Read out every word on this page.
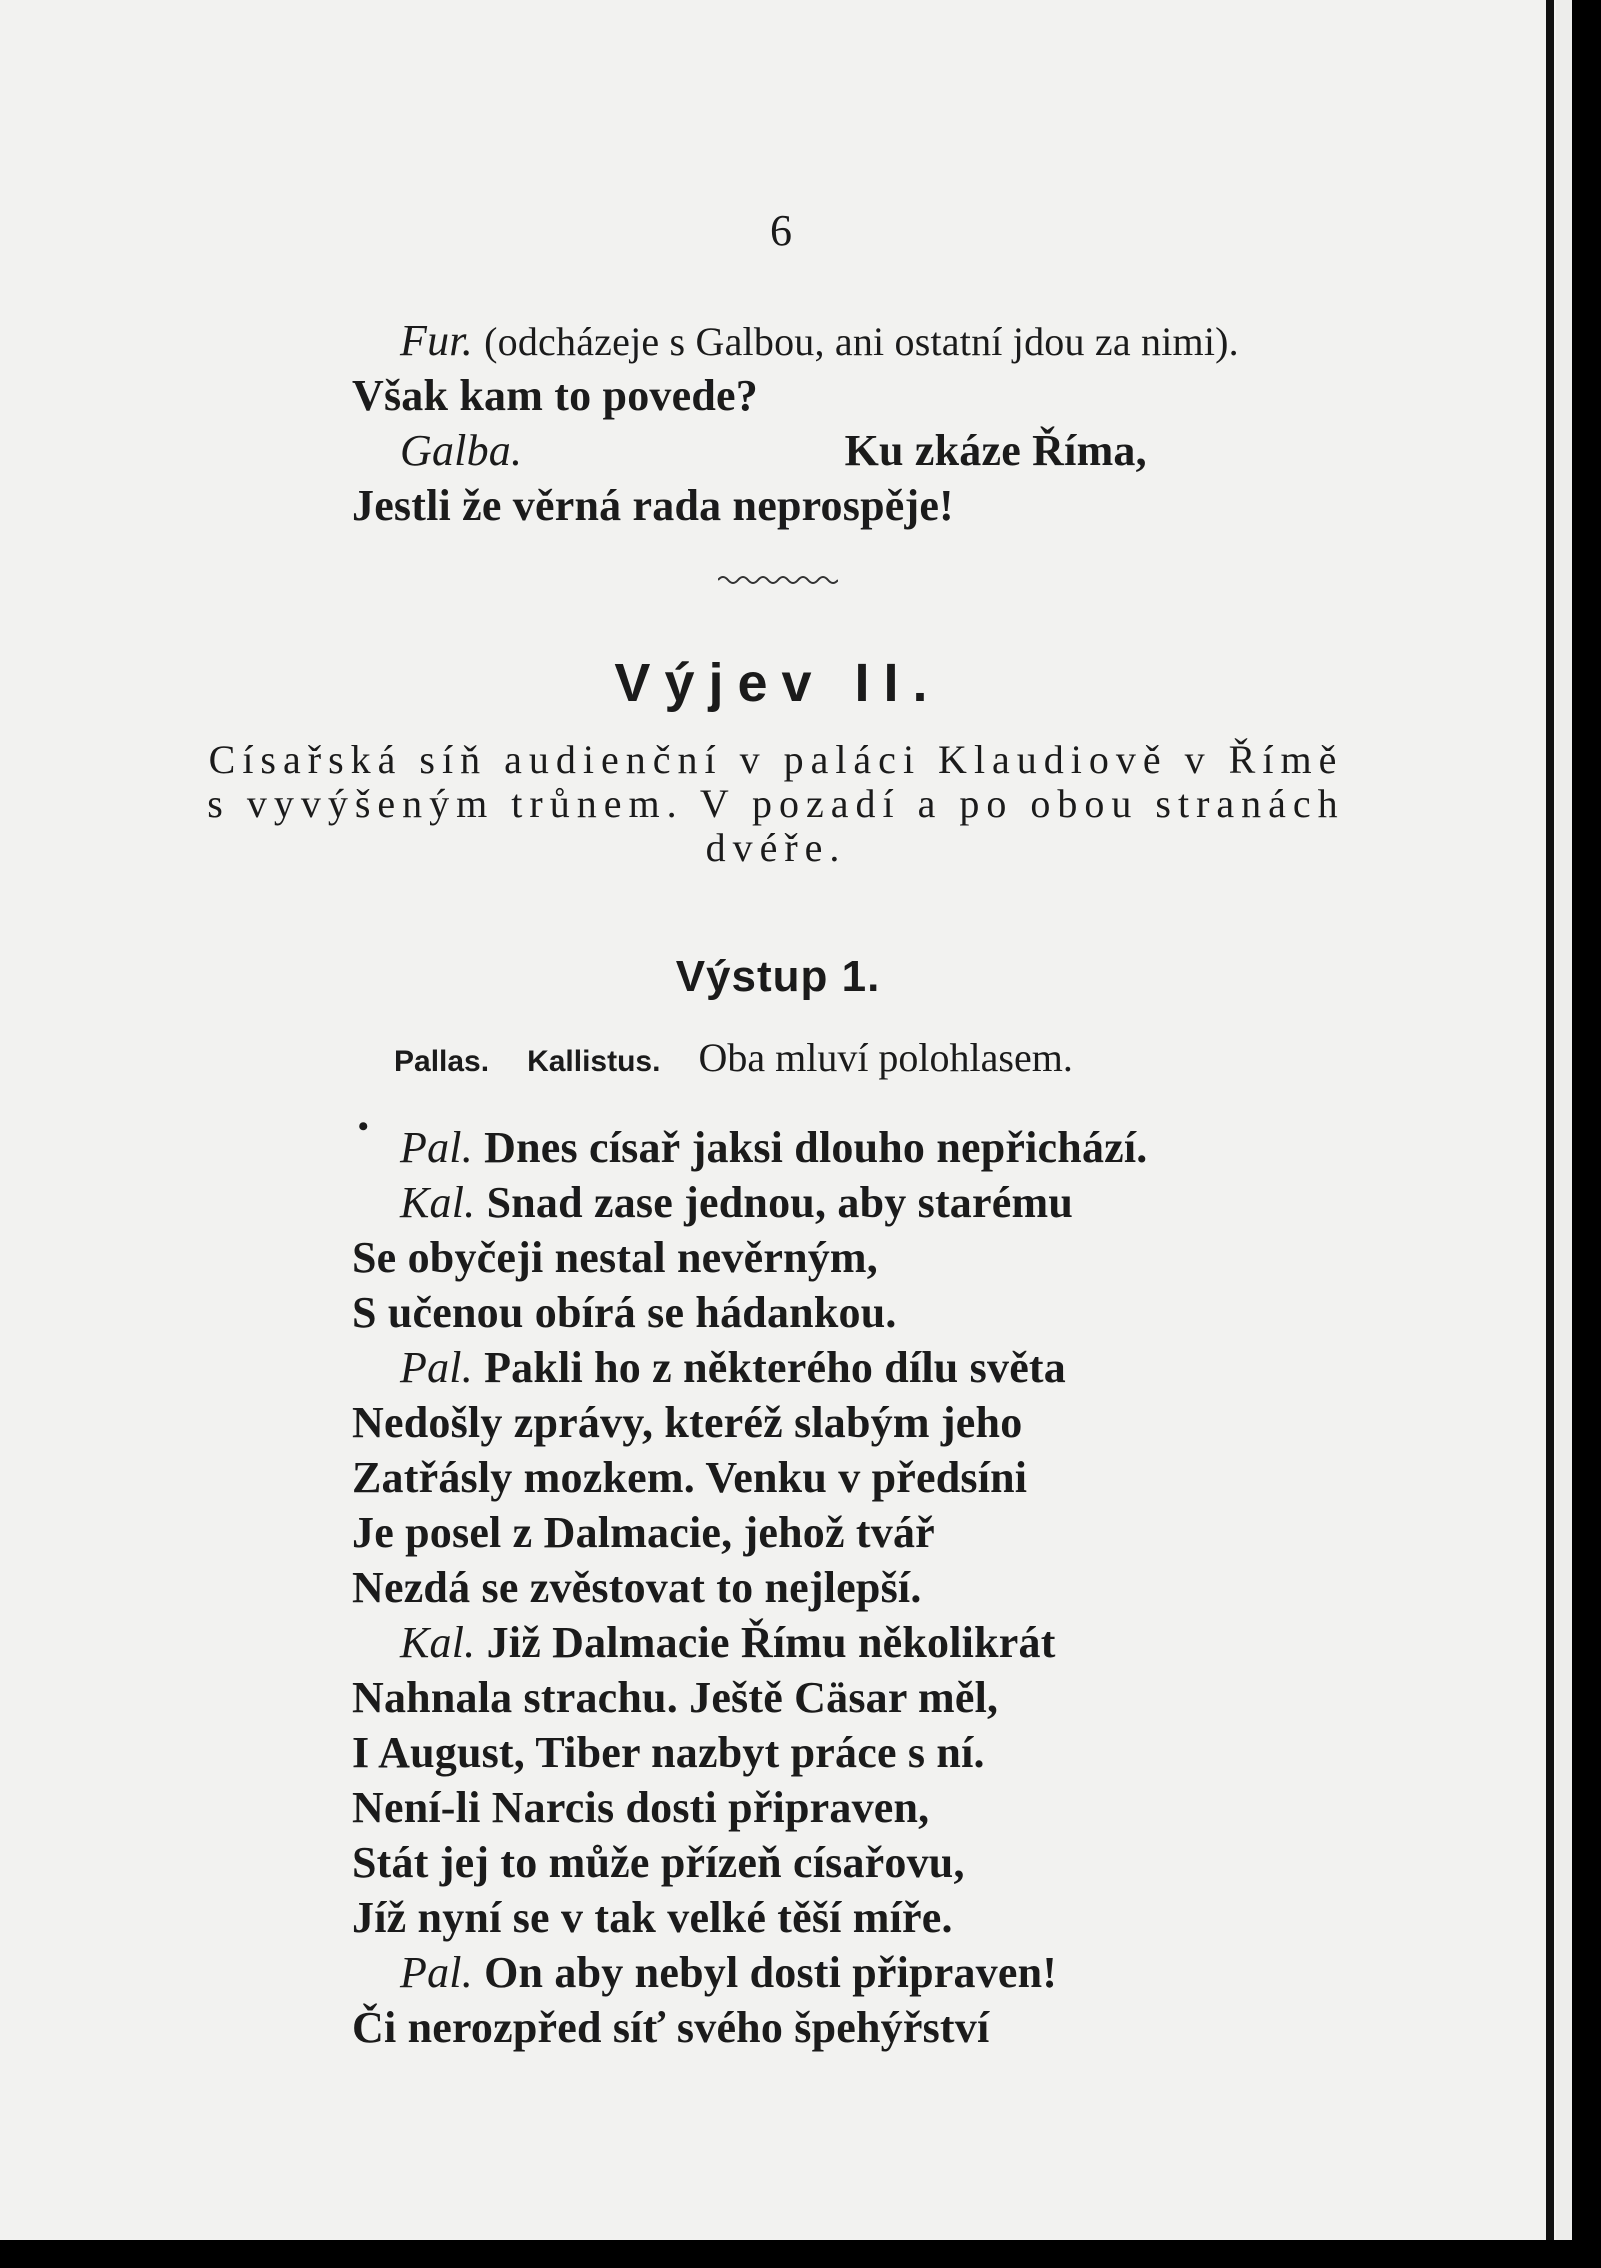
6
Fur. (odcházeje s Galbou, ani ostatní jdou za nimi).
Však kam to povede?
Galba.	Ku zkáze Říma,
Jestli že věrná rada neprospěje!
Výjev II.
Císařská síň audienční v paláci Klaudiově v Římě
s vyvýšeným trůnem. V pozadí a po obou stranách
dvéře.
Výstup 1.
Pallas. Kallistus. Oba mluví polohlasem.
• Pal. Dnes císař jaksi dlouho nepřichází.
Kal. Snad zase jednou, aby starému
Se obyčeji nestal nevěrným,
S učenou obírá se hádankou.
Pal. Pakli ho z některého dílu světa
Nedošly zprávy, kteréž slabým jeho
Zatřásly mozkem. Venku v předsíni
Je posel z Dalmacie, jehož tvář
Nezdá se zvěstovat to nejlepší.
Kal. Již Dalmacie Římu několikrát
Nahnala strachu. Ještě Cäsar měl,
I August, Tiber nazbyt práce s ní.
Není-li Narcis dosti připraven,
Stát jej to může přízeň císařovu,
Jíž nyní se v tak velké těší míře.
Pal. On aby nebyl dosti připraven!
Či nerozpřed síť svého špehýřství
